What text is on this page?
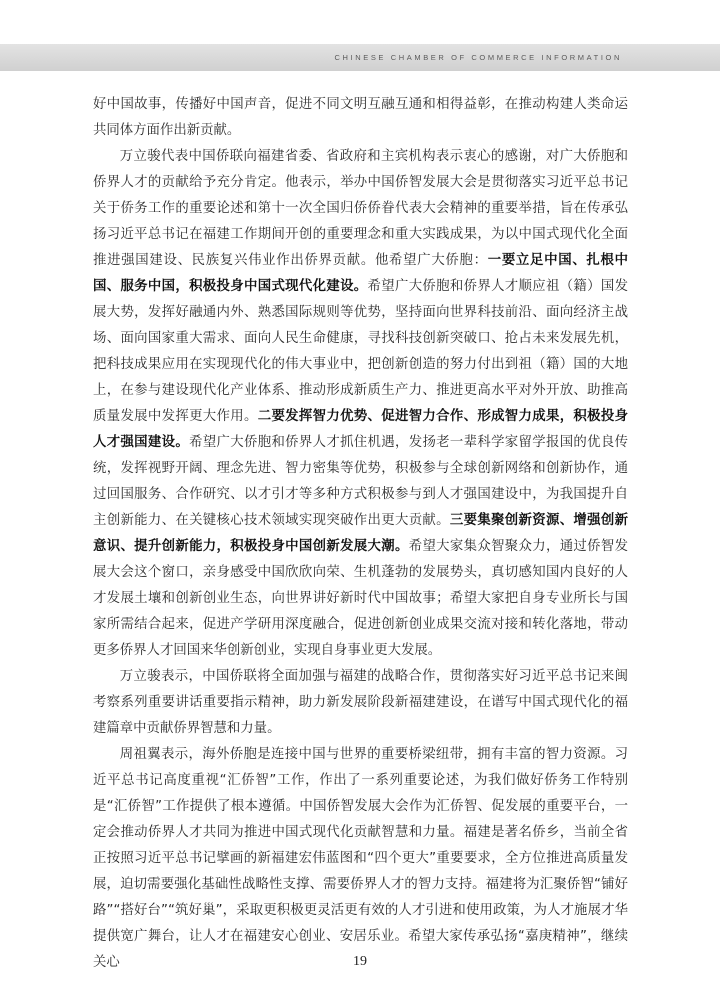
CHINESE CHAMBER OF COMMERCE INFORMATION

好中国故事，传播好中国声音，促进不同文明互融互通和相得益彰，在推动构建人类命运共同体方面作出新贡献。

万立骏代表中国侨联向福建省委、省政府和主宾机构表示衷心的感谢，对广大侨胞和侨界人才的贡献给予充分肯定。他表示，举办中国侨智发展大会是贯彻落实习近平总书记关于侨务工作的重要论述和第十一次全国归侨侨眷代表大会精神的重要举措，旨在传承弘扬习近平总书记在福建工作期间开创的重要理念和重大实践成果，为以中国式现代化全面推进强国建设、民族复兴伟业作出侨界贡献。他希望广大侨胞：一要立足中国、扎根中国、服务中国，积极投身中国式现代化建设。希望广大侨胞和侨界人才顺应祖（籍）国发展大势，发挥好融通内外、熟悉国际规则等优势，坚持面向世界科技前沿、面向经济主战场、面向国家重大需求、面向人民生命健康，寻找科技创新突破口、抢占未来发展先机，把科技成果应用在实现现代化的伟大事业中，把创新创造的努力付出到祖（籍）国的大地上，在参与建设现代化产业体系、推动形成新质生产力、推进更高水平对外开放、助推高质量发展中发挥更大作用。二要发挥智力优势、促进智力合作、形成智力成果，积极投身人才强国建设。希望广大侨胞和侨界人才抓住机遇，发扬老一辈科学家留学报国的优良传统，发挥视野开阔、理念先进、智力密集等优势，积极参与全球创新网络和创新协作，通过回国服务、合作研究、以才引才等多种方式积极参与到人才强国建设中，为我国提升自主创新能力、在关键核心技术领域实现突破作出更大贡献。三要集聚创新资源、增强创新意识、提升创新能力，积极投身中国创新发展大潮。希望大家集众智聚众力，通过侨智发展大会这个窗口，亲身感受中国欣欣向荣、生机蓬勃的发展势头，真切感知国内良好的人才发展土壤和创新创业生态，向世界讲好新时代中国故事；希望大家把自身专业所长与国家所需结合起来，促进产学研用深度融合，促进创新创业成果交流对接和转化落地，带动更多侨界人才回国来华创新创业，实现自身事业更大发展。

万立骏表示，中国侨联将全面加强与福建的战略合作，贯彻落实好习近平总书记来闽考察系列重要讲话重要指示精神，助力新发展阶段新福建建设，在谱写中国式现代化的福建篇章中贡献侨界智慧和力量。

周祖翼表示，海外侨胞是连接中国与世界的重要桥梁纽带，拥有丰富的智力资源。习近平总书记高度重视“汇侨智”工作，作出了一系列重要论述，为我们做好侨务工作特别是“汇侨智”工作提供了根本遵循。中国侨智发展大会作为汇侨智、促发展的重要平台，一定会推动侨界人才共同为推进中国式现代化贡献智慧和力量。福建是著名侨乡，当前全省正按照习近平总书记擘画的新福建宏伟蓝图和“四个更大”重要要求，全方位推进高质量发展，迫切需要强化基础性战略性支撑、需要侨界人才的智力支持。福建将为汇聚侨智“铺好路”“搭好台”“筑好巢”，采取更积极更灵活更有效的人才引进和使用政策，为人才施展才华提供宽广舞台，让人才在福建安心创业、安居乐业。希望大家传承弘扬“嘉庚精神”，继续关心	19
